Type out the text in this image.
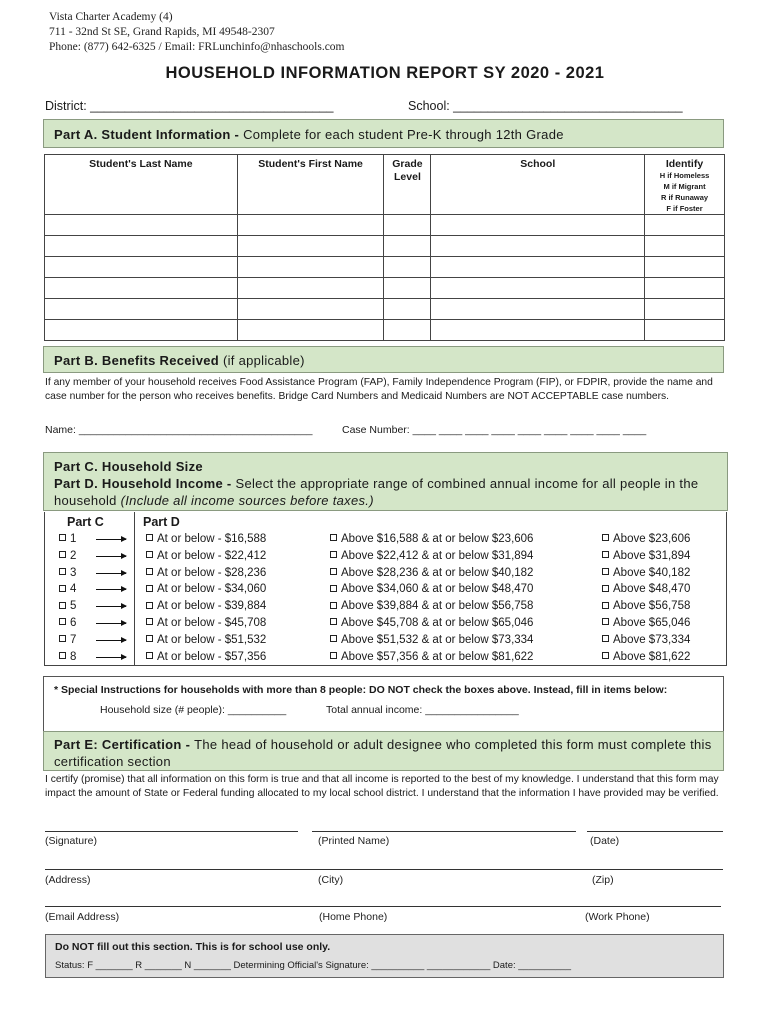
Vista Charter Academy (4)
711 - 32nd St SE, Grand Rapids, MI 49548-2307
Phone: (877) 642-6325 / Email: FRLunchinfo@nhaschools.com
HOUSEHOLD INFORMATION REPORT SY 2020 - 2021
District: ___________________________________	School: _________________________________
Part A. Student Information - Complete for each student Pre-K through 12th Grade
Student's Last Name	Student's First Name	Grade Level	School	Identify
H if Homeless
M if Migrant
R if Runaway
F if Foster

Part B. Benefits Received (if applicable)
If any member of your household receives Food Assistance Program (FAP), Family Independence Program (FIP), or FDPIR, provide the name and case number for the person who receives benefits. Bridge Card Numbers and Medicaid Numbers are NOT ACCEPTABLE case numbers.
Name: ________________________________________	Case Number: ____ ____ ____ ____ ____ ____ ____ ____ ____
Part C. Household Size
Part D. Household Income - Select the appropriate range of combined annual income for all people in the household (Include all income sources before taxes.)
Part C	Part D
1	At or below - $16,588	Above $16,588 & at or below $23,606	Above $23,606
2	At or below - $22,412	Above $22,412 & at or below $31,894	Above $31,894
3	At or below - $28,236	Above $28,236 & at or below $40,182	Above $40,182
4	At or below - $34,060	Above $34,060 & at or below $48,470	Above $48,470
5	At or below - $39,884	Above $39,884 & at or below $56,758	Above $56,758
6	At or below - $45,708	Above $45,708 & at or below $65,046	Above $65,046
7	At or below - $51,532	Above $51,532 & at or below $73,334	Above $73,334
8	At or below - $57,356	Above $57,356 & at or below $81,622	Above $81,622
* Special Instructions for households with more than 8 people: DO NOT check the boxes above. Instead, fill in items below:
Household size (# people): __________	Total annual income: ________________
Part E: Certification - The head of household or adult designee who completed this form must complete this certification section
I certify (promise) that all information on this form is true and that all income is reported to the best of my knowledge. I understand that this form may impact the amount of State or Federal funding allocated to my local school district. I understand that the information I have provided may be verified.
(Signature)	(Printed Name)	(Date)
(Address)	(City)	(Zip)
(Email Address)	(Home Phone)	(Work Phone)
Do NOT fill out this section. This is for school use only.
Status: F _______ R _______ N _______ Determining Official's Signature: __________ ____________ Date: __________
